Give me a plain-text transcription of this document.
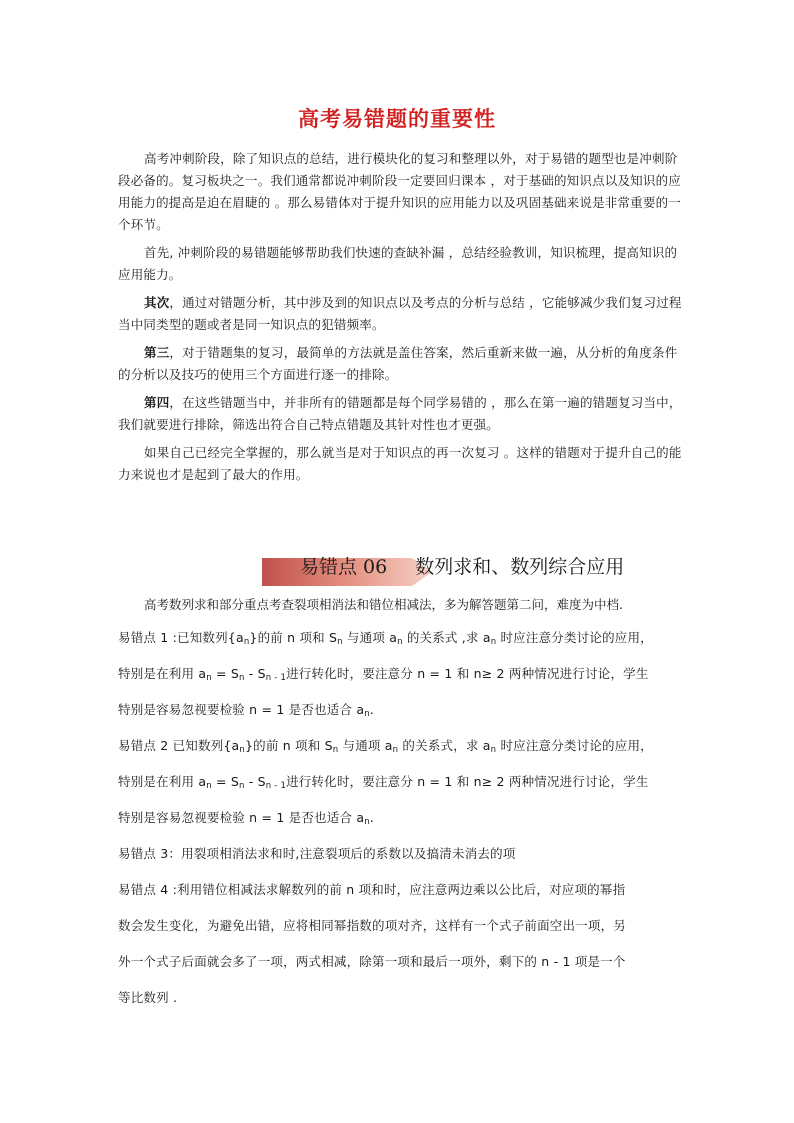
高考易错题的重要性

高考冲刺阶段，除了知识点的总结，进行模块化的复习和整理以外，对于易错的题型也是冲刺阶段必备的。复习板块之一。我们通常都说冲刺阶段一定要回归课本 ，对于基础的知识点以及知识的应用能力的提高是迫在眉睫的 。那么易错体对于提升知识的应用能力以及巩固基础来说是非常重要的一个环节。

首先, 冲刺阶段的易错题能够帮助我们快速的查缺补漏 ，总结经验教训，知识梳理，提高知识的应用能力。

其次，通过对错题分析，其中涉及到的知识点以及考点的分析与总结 ，它能够减少我们复习过程当中同类型的题或者是同一知识点的犯错频率。

第三，对于错题集的复习，最简单的方法就是盖住答案，然后重新来做一遍，从分析的角度条件的分析以及技巧的使用三个方面进行逐一的排除。

第四，在这些错题当中，并非所有的错题都是每个同学易错的 ，那么在第一遍的错题复习当中，我们就要进行排除，筛选出符合自己特点错题及其针对性也才更强。

如果自己已经完全掌握的，那么就当是对于知识点的再一次复习 。这样的错题对于提升自己的能力来说也才是起到了最大的作用。

易错点 06 数列求和、数列综合应用

高考数列求和部分重点考查裂项相消法和错位相减法，多为解答题第二问，难度为中档.

易错点 1 :已知数列$\{a_n\}$的前 n 项和 $S_n$ 与通项 $a_n$ 的关系式 ,求 $a_n$ 时应注意分类讨论的应用，

特别是在利用 $a_n = S_n - S_{n - 1}$进行转化时，要注意分 n = 1 和 n≥ 2 两种情况进行讨论，学生

特别是容易忽视要检验 n = 1 是否也适合 $a_n$.

易错点 2 已知数列$\{a_n\}$的前 n 项和 $S_n$ 与通项 $a_n$ 的关系式，求 $a_n$ 时应注意分类讨论的应用，

特别是在利用 $a_n = S_n - S_{n - 1}$进行转化时，要注意分 n = 1 和 n≥ 2 两种情况进行讨论，学生

特别是容易忽视要检验 n = 1 是否也适合 $a_n$.

易错点 3：用裂项相消法求和时,注意裂项后的系数以及搞清未消去的项

易错点 4 :利用错位相减法求解数列的前 n 项和时，应注意两边乘以公比后，对应项的幂指

数会发生变化，为避免出错，应将相同幂指数的项对齐，这样有一个式子前面空出一项，另

外一个式子后面就会多了一项，两式相减，除第一项和最后一项外，剩下的 n - 1 项是一个

等比数列 .
